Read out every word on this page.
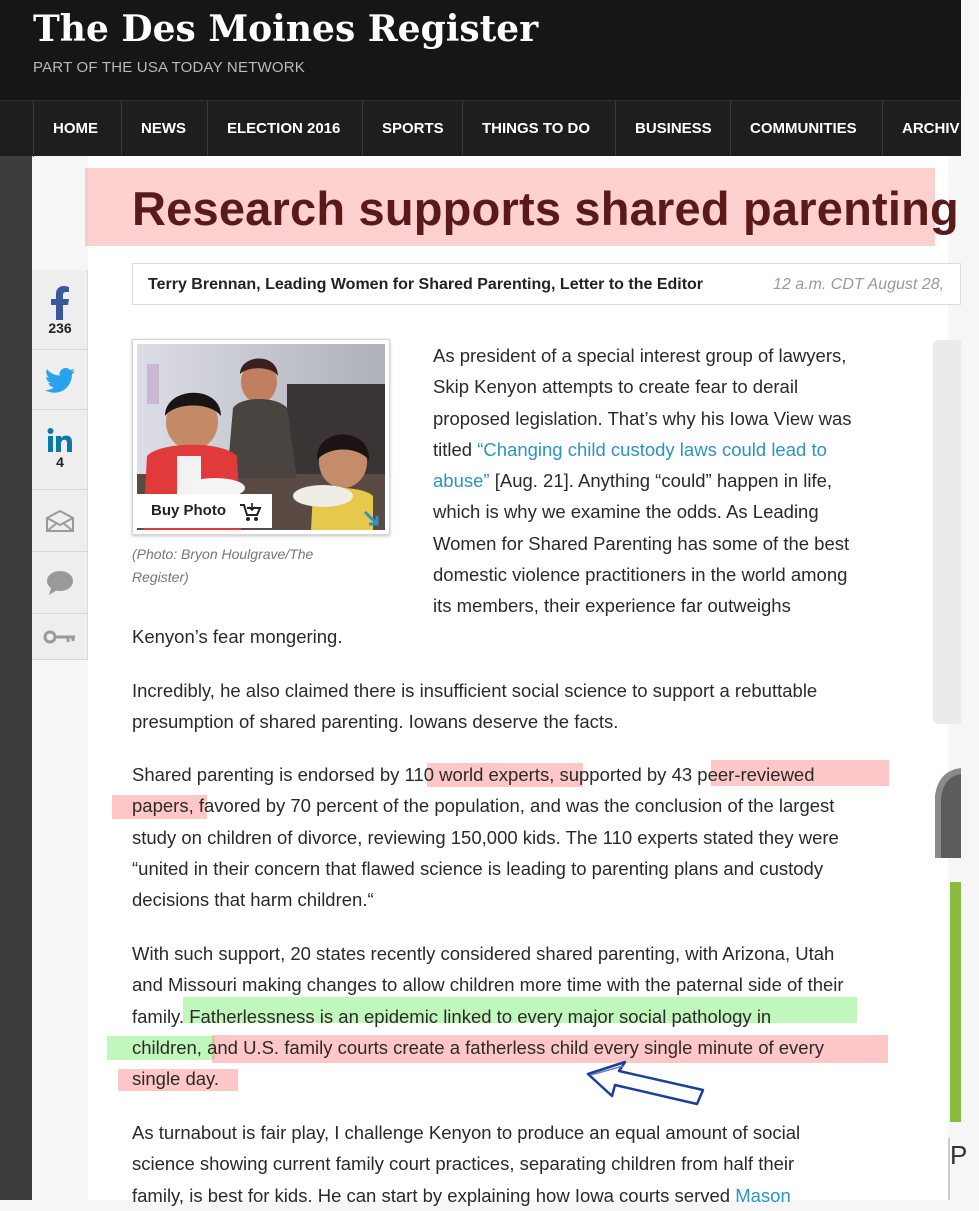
The Des Moines Register
PART OF THE USA TODAY NETWORK
HOME	NEWS	ELECTION 2016	SPORTS	THINGS TO DO	BUSINESS	COMMUNITIES	ARCHIV
236
4
Research supports shared parenting
Terry Brennan, Leading Women for Shared Parenting, Letter to the Editor	12 a.m. CDT August 28,
Buy Photo
(Photo: Bryon Houlgrave/The
Register)
As president of a special interest group of lawyers,
Skip Kenyon attempts to create fear to derail
proposed legislation. That’s why his Iowa View was
titled “Changing child custody laws could lead to
abuse” [Aug. 21]. Anything “could” happen in life,
which is why we examine the odds. As Leading
Women for Shared Parenting has some of the best
domestic violence practitioners in the world among
its members, their experience far outweighs
Kenyon’s fear mongering.
Incredibly, he also claimed there is insufficient social science to support a rebuttable
presumption of shared parenting. Iowans deserve the facts.
Shared parenting is endorsed by 110 world experts, supported by 43 peer-reviewed
papers, favored by 70 percent of the population, and was the conclusion of the largest
study on children of divorce, reviewing 150,000 kids. The 110 experts stated they were
“united in their concern that flawed science is leading to parenting plans and custody
decisions that harm children.“
With such support, 20 states recently considered shared parenting, with Arizona, Utah
and Missouri making changes to allow children more time with the paternal side of their
family. Fatherlessness is an epidemic linked to every major social pathology in
children, and U.S. family courts create a fatherless child every single minute of every
single day.
As turnabout is fair play, I challenge Kenyon to produce an equal amount of social
science showing current family court practices, separating children from half their
family, is best for kids. He can start by explaining how Iowa courts served Mason
P
